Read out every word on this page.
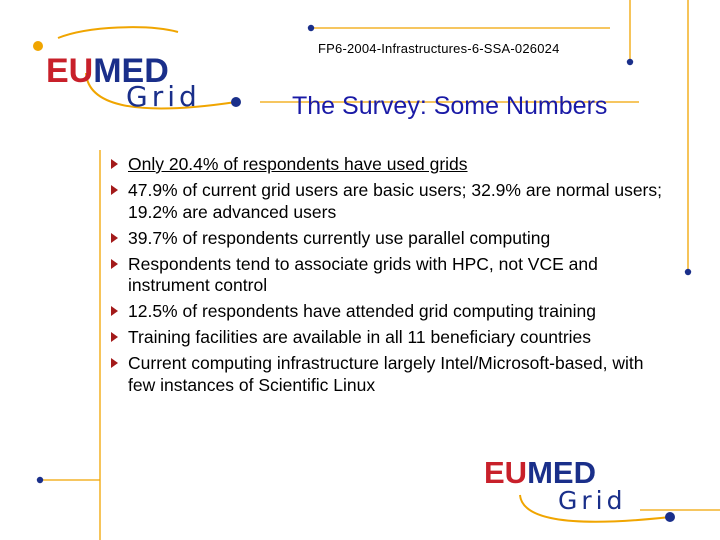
EUMED
Grid
FP6-2004-Infrastructures-6-SSA-026024
The Survey: Some Numbers
Only 20.4% of respondents have used grids
47.9% of current grid users are basic users; 32.9% are normal users; 19.2% are advanced users
39.7% of respondents currently use parallel computing
Respondents tend to associate grids with HPC, not VCE and instrument control
12.5% of respondents have attended grid computing training
Training facilities are available in all 11 beneficiary countries
Current computing infrastructure largely Intel/Microsoft-based, with few instances of Scientific Linux
EUMED
Grid
